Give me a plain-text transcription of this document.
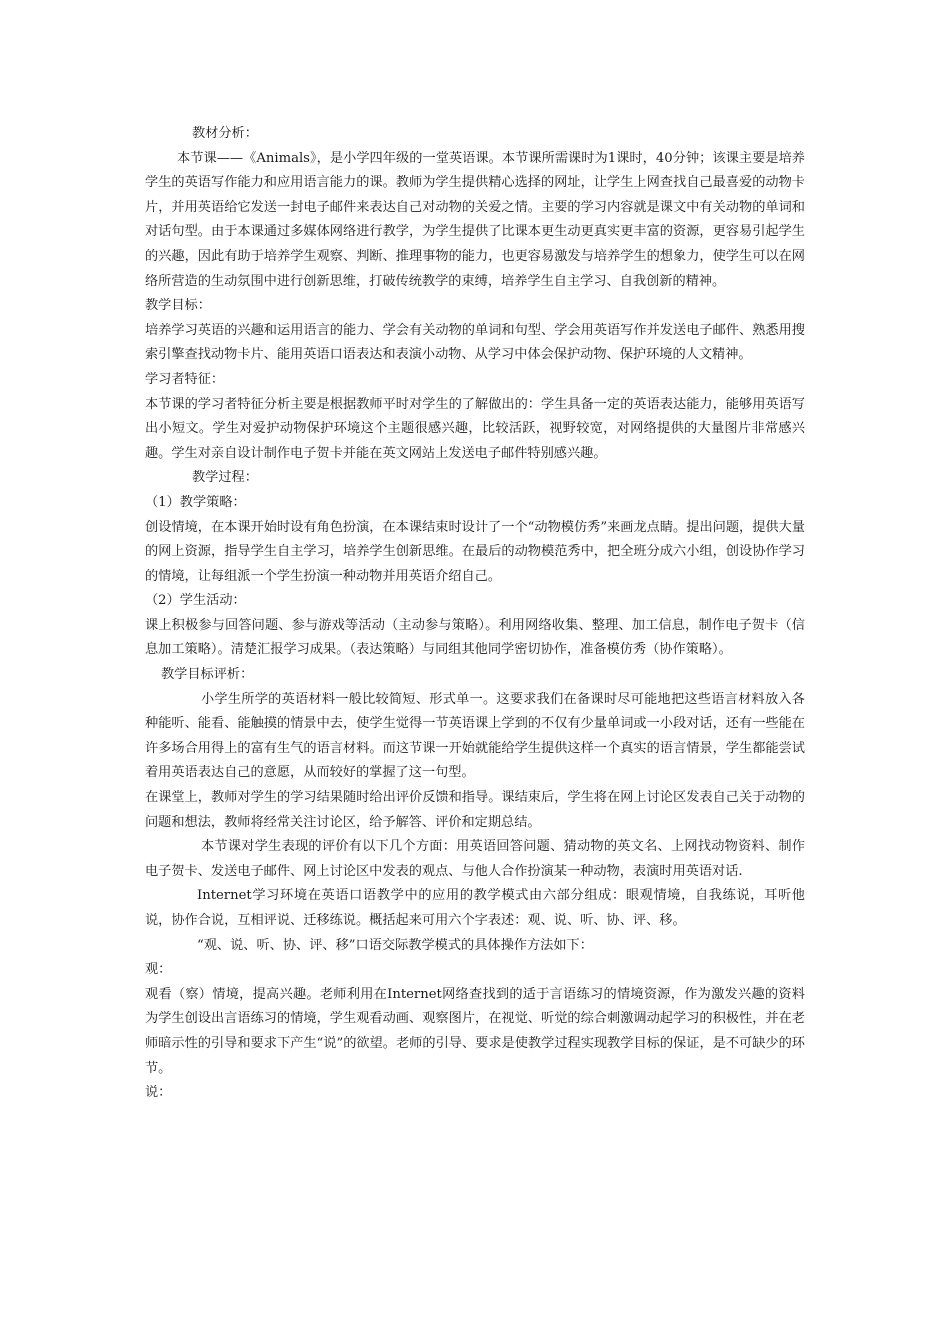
教材分析：

本节课——《Animals》，是小学四年级的一堂英语课。本节课所需课时为1课时，40分钟；该课主要是培养学生的英语写作能力和应用语言能力的课。教师为学生提供精心选择的网址，让学生上网查找自己最喜爱的动物卡片，并用英语给它发送一封电子邮件来表达自己对动物的关爱之情。主要的学习内容就是课文中有关动物的单词和对话句型。由于本课通过多媒体网络进行教学，为学生提供了比课本更生动更真实更丰富的资源，更容易引起学生的兴趣，因此有助于培养学生观察、判断、推理事物的能力，也更容易激发与培养学生的想象力，使学生可以在网络所营造的生动氛围中进行创新思维，打破传统教学的束缚，培养学生自主学习、自我创新的精神。

教学目标：

培养学习英语的兴趣和运用语言的能力、学会有关动物的单词和句型、学会用英语写作并发送电子邮件、熟悉用搜索引擎查找动物卡片、能用英语口语表达和表演小动物、从学习中体会保护动物、保护环境的人文精神。

学习者特征：

本节课的学习者特征分析主要是根据教师平时对学生的了解做出的：学生具备一定的英语表达能力，能够用英语写出小短文。学生对爱护动物保护环境这个主题很感兴趣，比较活跃，视野较宽，对网络提供的大量图片非常感兴趣。学生对亲自设计制作电子贺卡并能在英文网站上发送电子邮件特别感兴趣。

教学过程：

（1）教学策略：

创设情境，在本课开始时设有角色扮演，在本课结束时设计了一个“动物模仿秀”来画龙点睛。提出问题，提供大量的网上资源，指导学生自主学习，培养学生创新思维。在最后的动物模范秀中，把全班分成六小组，创设协作学习的情境，让每组派一个学生扮演一种动物并用英语介绍自己。

（2）学生活动：

课上积极参与回答问题、参与游戏等活动（主动参与策略）。利用网络收集、整理、加工信息，制作电子贺卡（信息加工策略）。清楚汇报学习成果。（表达策略）与同组其他同学密切协作，准备模仿秀（协作策略）。

教学目标评析：

小学生所学的英语材料一般比较简短、形式单一。这要求我们在备课时尽可能地把这些语言材料放入各种能听、能看、能触摸的情景中去，使学生觉得一节英语课上学到的不仅有少量单词或一小段对话，还有一些能在许多场合用得上的富有生气的语言材料。而这节课一开始就能给学生提供这样一个真实的语言情景，学生都能尝试着用英语表达自己的意愿，从而较好的掌握了这一句型。

在课堂上，教师对学生的学习结果随时给出评价反馈和指导。课结束后，学生将在网上讨论区发表自己关于动物的问题和想法，教师将经常关注讨论区，给予解答、评价和定期总结。

本节课对学生表现的评价有以下几个方面：用英语回答问题、猜动物的英文名、上网找动物资料、制作电子贺卡、发送电子邮件、网上讨论区中发表的观点、与他人合作扮演某一种动物，表演时用英语对话.

Internet学习环境在英语口语教学中的应用的教学模式由六部分组成：眼观情境，自我练说，耳听他说，协作合说，互相评说、迁移练说。概括起来可用六个字表述：观、说、听、协、评、移。

“观、说、听、协、评、移”口语交际教学模式的具体操作方法如下：

观：

观看（察）情境，提高兴趣。老师利用在Internet网络查找到的适于言语练习的情境资源，作为激发兴趣的资料为学生创设出言语练习的情境，学生观看动画、观察图片，在视觉、听觉的综合刺激调动起学习的积极性，并在老师暗示性的引导和要求下产生“说”的欲望。老师的引导、要求是使教学过程实现教学目标的保证，是不可缺少的环节。

说：
